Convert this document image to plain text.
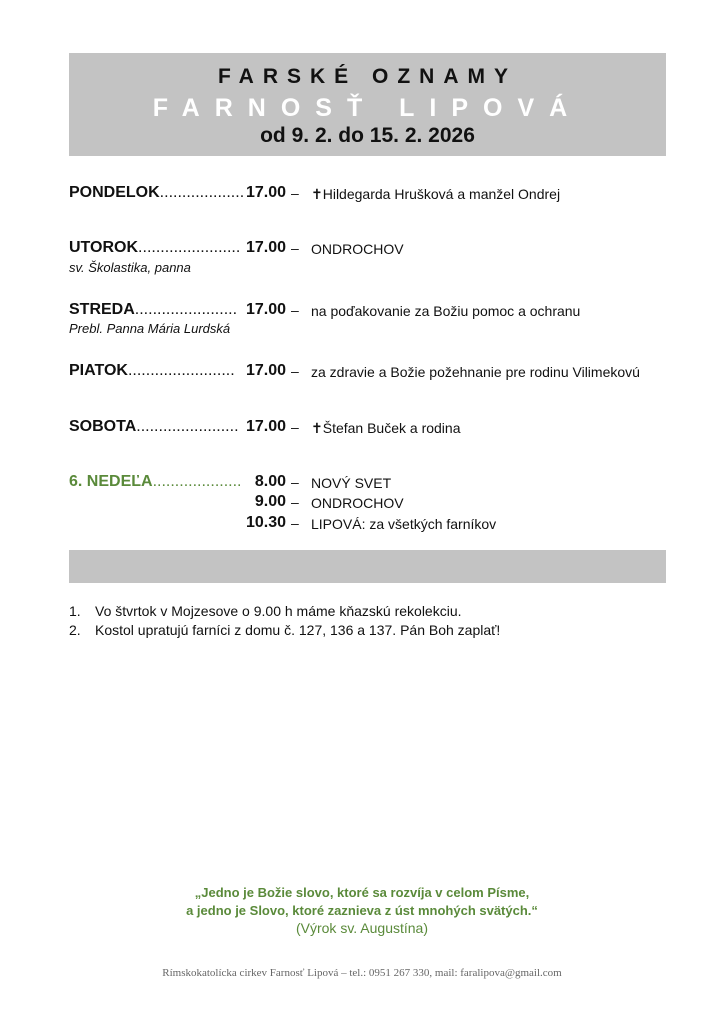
FARSKÉ OZNAMY
FARNOSŤ LIPOVÁ
od 9. 2. do 15. 2. 2026
PONDELOK................... 17.00 – ✝Hildegarda Hrušková a manžel Ondrej
UTOROK....................... 17.00 – ONDROCHOV
sv. Školastika, panna
STREDA....................... 17.00 – na poďakovanie za Božiu pomoc a ochranu
Prebl. Panna Mária Lurdská
PIATOK........................ 17.00 – za zdravie a Božie požehnanie pre rodinu Vilimekovú
SOBOTA....................... 17.00 – ✝Štefan Buček a rodina
6. NEDEĽA.................... 8.00 – NOVÝ SVET
9.00 – ONDROCHOV
10.30 – LIPOVÁ: za všetkých farníkov
1. Vo štvrtok v Mojzesove o 9.00 h máme kňazskú rekolekciu.
2. Kostol upratujú farníci z domu č. 127, 136 a 137. Pán Boh zaplať!
„Jedno je Božie slovo, ktoré sa rozvíja v celom Písme,
a jedno je Slovo, ktoré zaznieva z úst mnohých svätých.“
(Výrok sv. Augustína)
Rímskokatolícka cirkev Farnosť Lipová – tel.: 0951 267 330, mail: faralipova@gmail.com
